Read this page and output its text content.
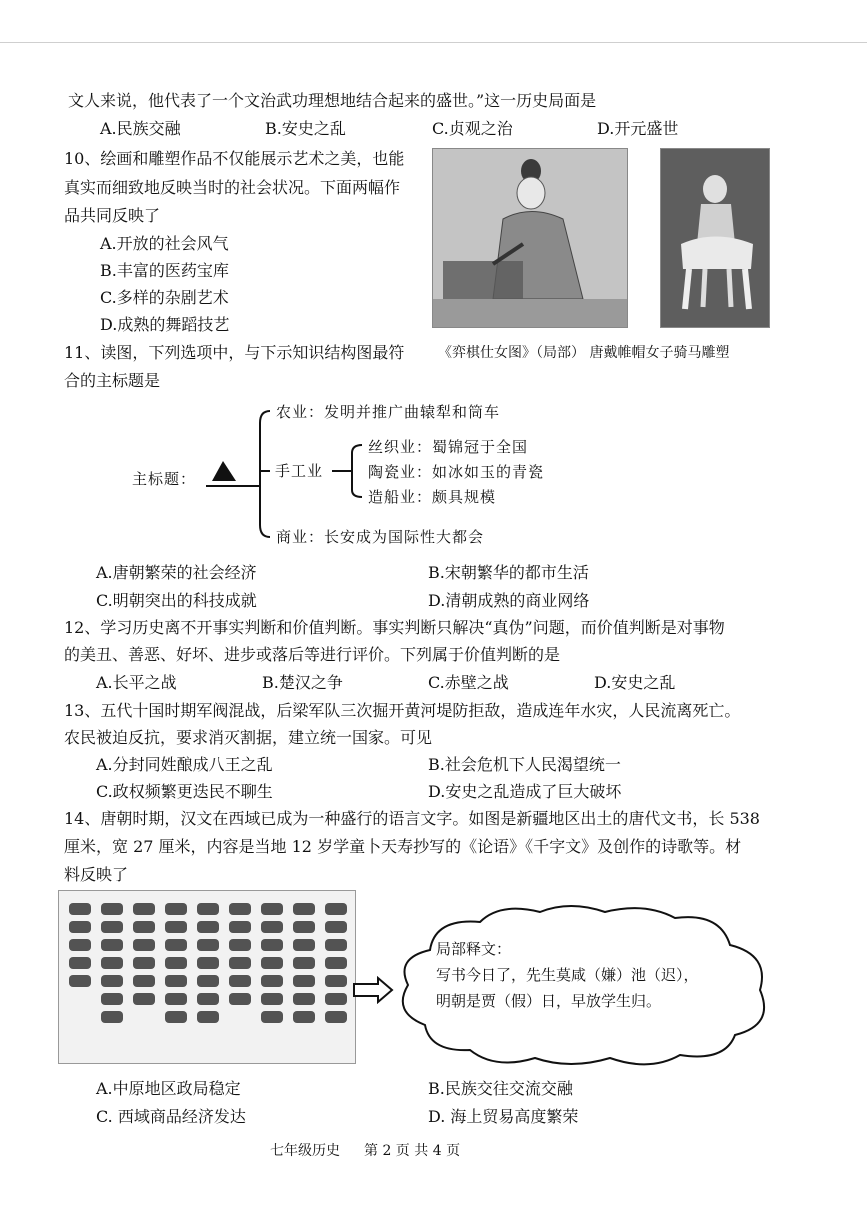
文人来说，他代表了一个文治武功理想地结合起来的盛世。”这一历史局面是
A.民族交融	B.安史之乱	C.贞观之治	D.开元盛世
10、绘画和雕塑作品不仅能展示艺术之美，也能
真实而细致地反映当时的社会状况。下面两幅作
品共同反映了
A.开放的社会风气
B.丰富的医药宝库
C.多样的杂剧艺术
D.成熟的舞蹈技艺
《弈棋仕女图》（局部） 唐戴帷帽女子骑马雕塑
11、读图，下列选项中，与下示知识结构图最符
合的主标题是
主标题：
农业：发明并推广曲辕犁和筒车
手工业
丝织业：蜀锦冠于全国
陶瓷业：如冰如玉的青瓷
造船业：颇具规模
商业：长安成为国际性大都会
A.唐朝繁荣的社会经济	B.宋朝繁华的都市生活
C.明朝突出的科技成就	D.清朝成熟的商业网络
12、学习历史离不开事实判断和价值判断。事实判断只解决“真伪”问题，而价值判断是对事物
的美丑、善恶、好坏、进步或落后等进行评价。下列属于价值判断的是
A.长平之战	B.楚汉之争	C.赤壁之战	D.安史之乱
13、五代十国时期军阀混战，后梁军队三次掘开黄河堤防拒敌，造成连年水灾，人民流离死亡。
农民被迫反抗，要求消灭割据，建立统一国家。可见
A.分封同姓酿成八王之乱	B.社会危机下人民渴望统一
C.政权频繁更迭民不聊生	D.安史之乱造成了巨大破坏
14、唐朝时期，汉文在西域已成为一种盛行的语言文字。如图是新疆地区出土的唐代文书，长 538
厘米，宽 27 厘米，内容是当地 12 岁学童卜天寿抄写的《论语》《千字文》及创作的诗歌等。材
料反映了
局部释文：
写书今日了，先生莫咸（嫌）池（迟），
明朝是贾（假）日，早放学生归。
A.中原地区政局稳定	B.民族交往交流交融
C. 西域商品经济发达	D. 海上贸易高度繁荣
七年级历史 第 2 页 共 4 页
